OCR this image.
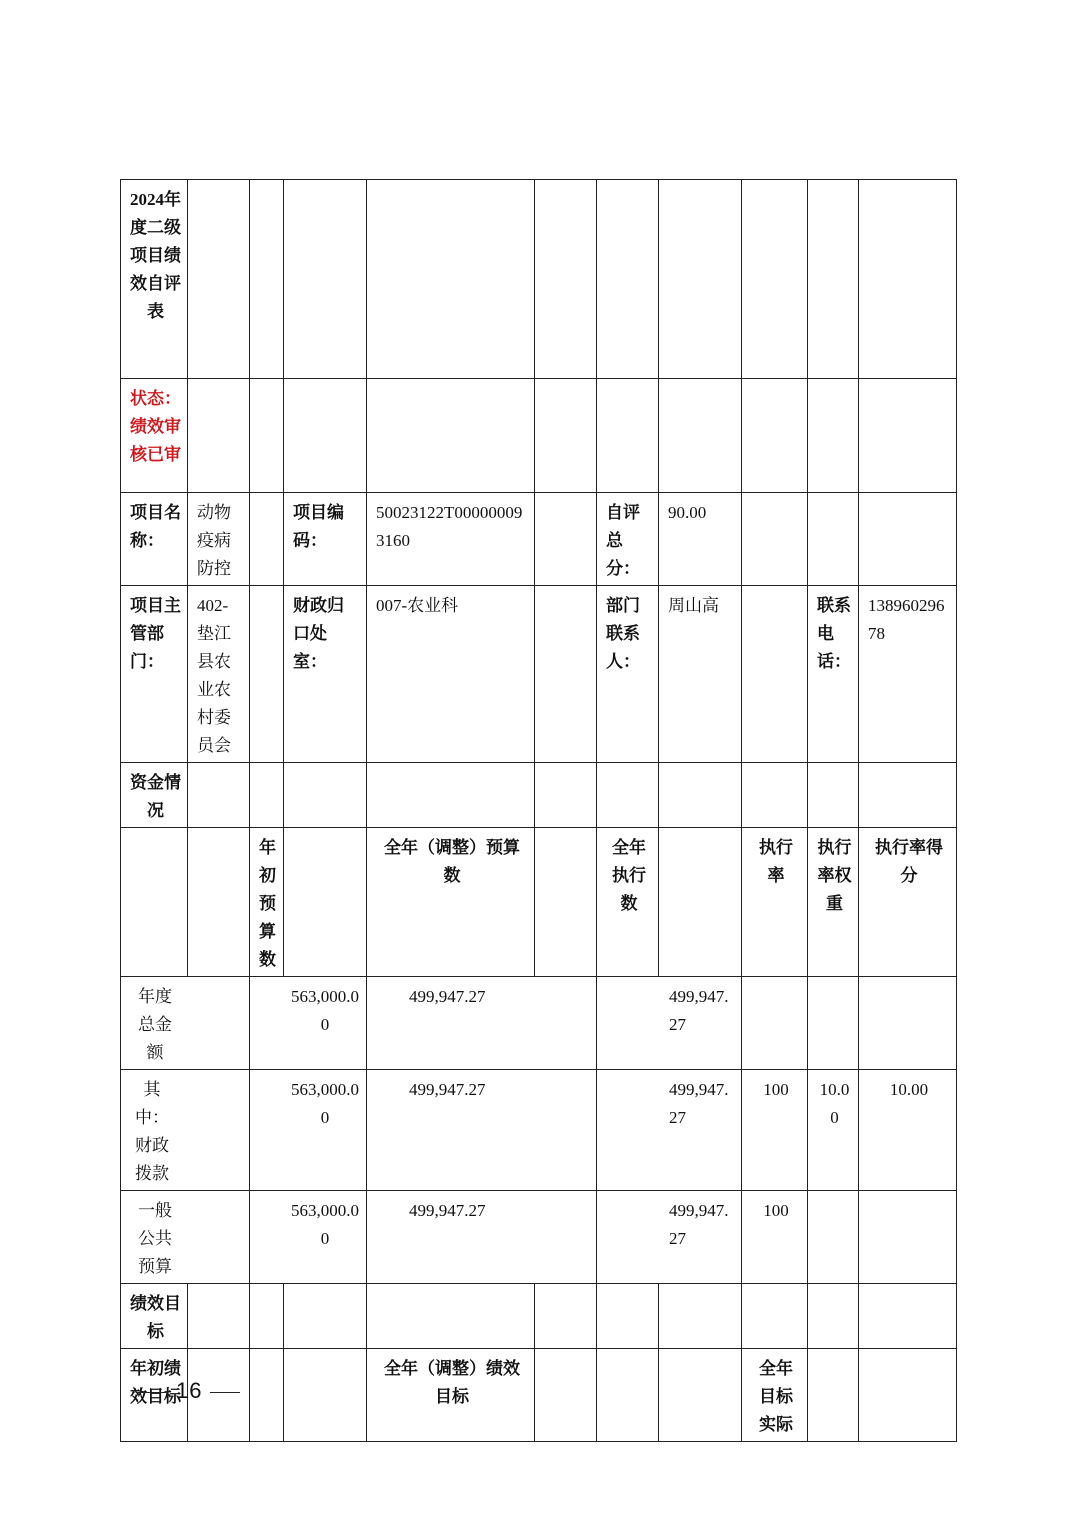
2024年度二级项目绩效自评表										
状态：绩效审核已审										
项目名称：	动物疫病防控		项目编码：	50023122T000000093160		自评总分：	90.00			
项目主管部门：	402-垫江县农业农村委员会		财政归口处室：	007-农业科		部门联系人：	周山高		联系电话：	13896029678
资金情况										
		年初预算数		全年（调整）预算数		全年执行数		执行率	执行率权重	执行率得分
年度总金额		563,000.00		499,947.27		499,947.27				
其中：财政拨款		563,000.00		499,947.27		499,947.27		100	10.00	10.00
一般公共预算		563,000.00		499,947.27		499,947.27		100		
绩效目标										
年初绩效目标				全年（调整）绩效目标				全年目标实际		
16
